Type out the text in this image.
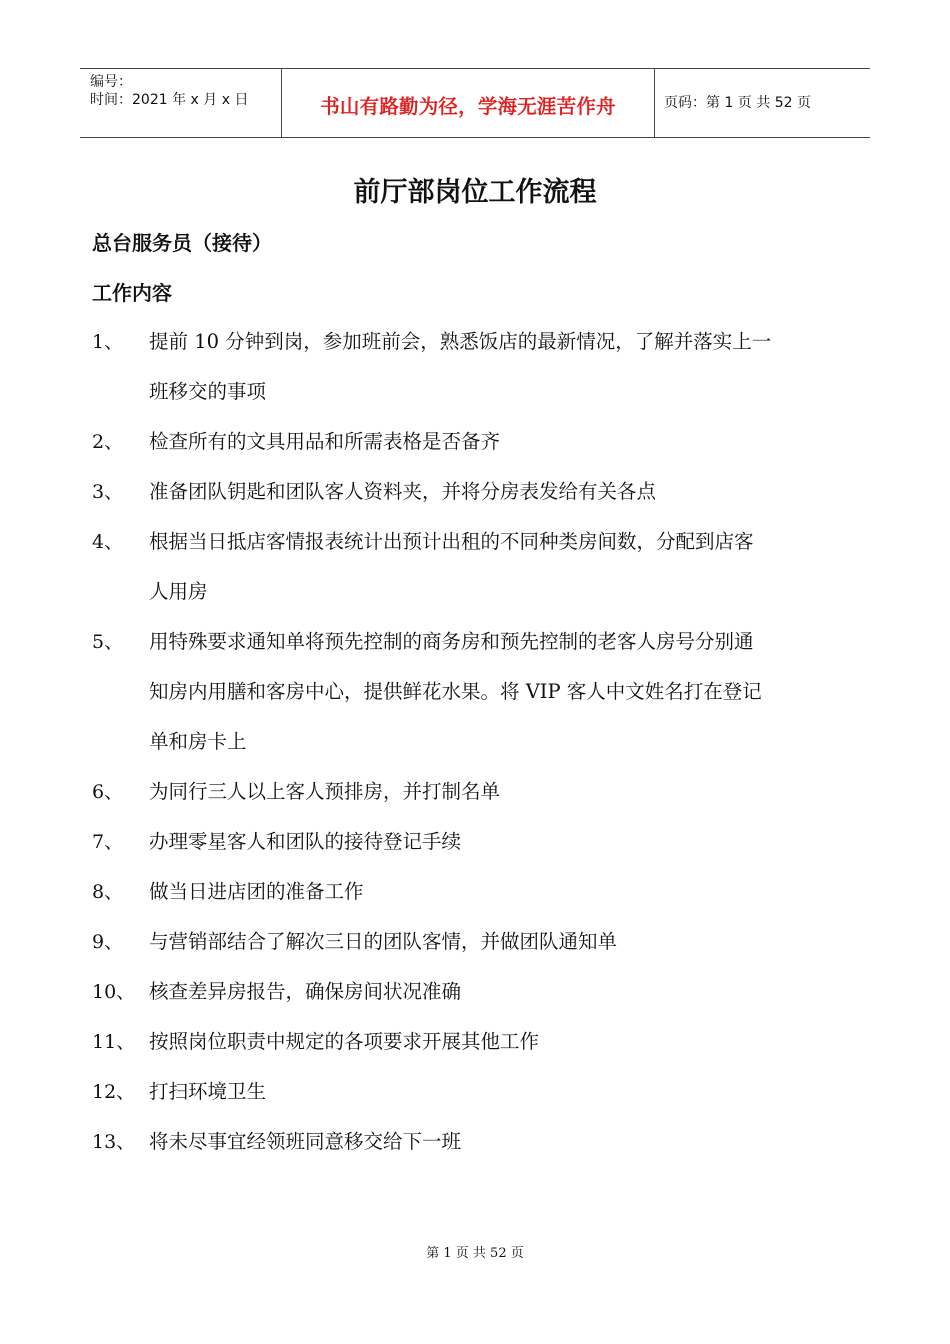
编号：
时间：2021 年 x 月 x 日	书山有路勤为径，学海无涯苦作舟	页码：第 1 页 共 52 页
前厅部岗位工作流程
总台服务员（接待）
工作内容
1、 提前 10 分钟到岗，参加班前会，熟悉饭店的最新情况，了解并落实上一
班移交的事项
2、 检查所有的文具用品和所需表格是否备齐
3、 准备团队钥匙和团队客人资料夹，并将分房表发给有关各点
4、 根据当日抵店客情报表统计出预计出租的不同种类房间数，分配到店客
人用房
5、 用特殊要求通知单将预先控制的商务房和预先控制的老客人房号分别通
知房内用膳和客房中心，提供鲜花水果。将 VIP 客人中文姓名打在登记
单和房卡上
6、 为同行三人以上客人预排房，并打制名单
7、 办理零星客人和团队的接待登记手续
8、 做当日进店团的准备工作
9、 与营销部结合了解次三日的团队客情，并做团队通知单
10、 核查差异房报告，确保房间状况准确
11、 按照岗位职责中规定的各项要求开展其他工作
12、 打扫环境卫生
13、 将未尽事宜经领班同意移交给下一班
第 1 页 共 52 页
